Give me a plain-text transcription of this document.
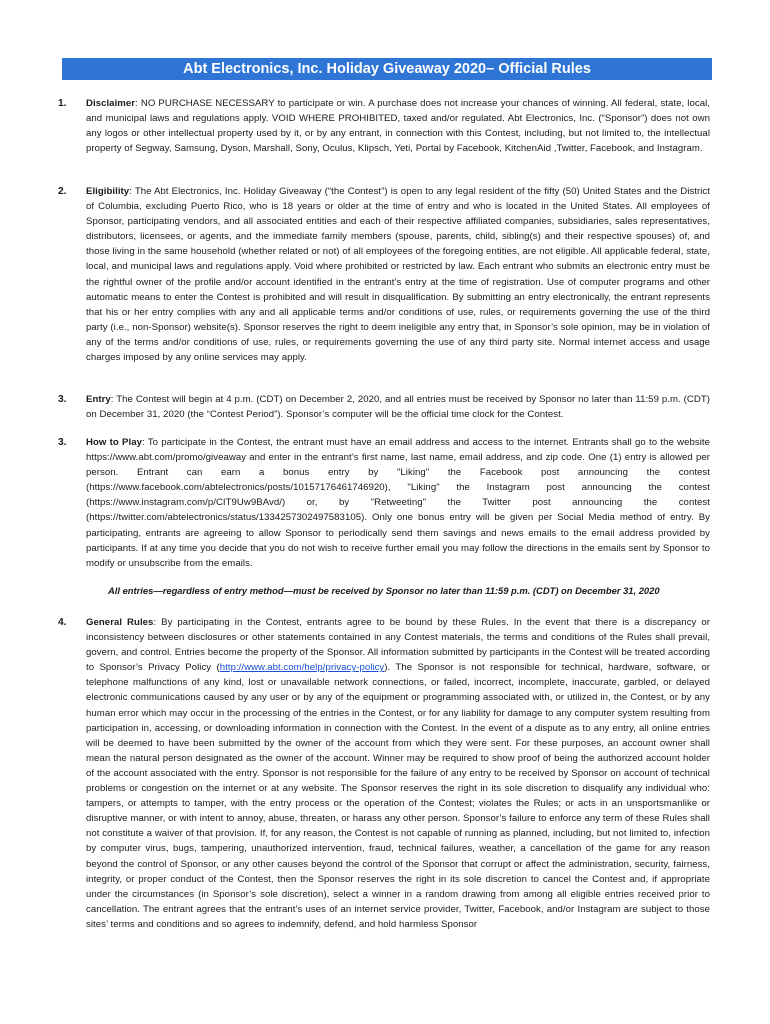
Abt Electronics, Inc. Holiday Giveaway 2020– Official Rules
1. Disclaimer: NO PURCHASE NECESSARY to participate or win. A purchase does not increase your chances of winning. All federal, state, local, and municipal laws and regulations apply. VOID WHERE PROHIBITED, taxed and/or regulated. Abt Electronics, Inc. (“Sponsor”) does not own any logos or other intellectual property used by it, or by any entrant, in connection with this Contest, including, but not limited to, the intellectual property of Segway, Samsung, Dyson, Marshall, Sony, Oculus, Klipsch, Yeti, Portal by Facebook, KitchenAid ,Twitter, Facebook, and Instagram.

2. Eligibility: The Abt Electronics, Inc. Holiday Giveaway (“the Contest”) is open to any legal resident of the fifty (50) United States and the District of Columbia, excluding Puerto Rico, who is 18 years or older at the time of entry and who is located in the United States. All employees of Sponsor, participating vendors, and all associated entities and each of their respective affiliated companies, subsidiaries, sales representatives, distributors, licensees, or agents, and the immediate family members (spouse, parents, child, sibling(s) and their respective spouses) of, and those living in the same household (whether related or not) of all employees of the foregoing entities, are not eligible. All applicable federal, state, local, and municipal laws and regulations apply. Void where prohibited or restricted by law. Each entrant who submits an electronic entry must be the rightful owner of the profile and/or account identified in the entrant’s entry at the time of registration. Use of computer programs and other automatic means to enter the Contest is prohibited and will result in disqualification. By submitting an entry electronically, the entrant represents that his or her entry complies with any and all applicable terms and/or conditions of use, rules, or requirements governing the use of the third party (i.e., non-Sponsor) website(s). Sponsor reserves the right to deem ineligible any entry that, in Sponsor’s sole opinion, may be in violation of any of the terms and/or conditions of use, rules, or requirements governing the use of any third party site. Normal internet access and usage charges imposed by any online services may apply.

3. Entry: The Contest will begin at 4 p.m. (CDT) on December 2, 2020, and all entries must be received by Sponsor no later than 11:59 p.m. (CDT) on December 31, 2020 (the “Contest Period”). Sponsor’s computer will be the official time clock for the Contest.

3. How to Play: To participate in the Contest, the entrant must have an email address and access to the internet. Entrants shall go to the website https://www.abt.com/promo/giveaway and enter in the entrant’s first name, last name, email address, and zip code. One (1) entry is allowed per person. Entrant can earn a bonus entry by "Liking" the Facebook post announcing the contest (https://www.facebook.com/abtelectronics/posts/10157176461746920), "Liking" the Instagram post announcing the contest (https://www.instagram.com/p/CIT9Uw9BAvd/) or, by "Retweeting" the Twitter post announcing the contest (https://twitter.com/abtelectronics/status/1334257302497583105). Only one bonus entry will be given per Social Media method of entry. By participating, entrants are agreeing to allow Sponsor to periodically send them savings and news emails to the email address provided by participants. If at any time you decide that you do not wish to receive further email you may follow the directions in the emails sent by Sponsor to modify or unsubscribe from the emails.

All entries—regardless of entry method—must be received by Sponsor no later than 11:59 p.m. (CDT) on December 31, 2020
4. General Rules: By participating in the Contest, entrants agree to be bound by these Rules. In the event that there is a discrepancy or inconsistency between disclosures or other statements contained in any Contest materials, the terms and conditions of the Rules shall prevail, govern, and control. Entries become the property of the Sponsor. All information submitted by participants in the Contest will be treated according to Sponsor’s Privacy Policy (http://www.abt.com/help/privacy-policy). The Sponsor is not responsible for technical, hardware, software, or telephone malfunctions of any kind, lost or unavailable network connections, or failed, incorrect, incomplete, inaccurate, garbled, or delayed electronic communications caused by any user or by any of the equipment or programming associated with, or utilized in, the Contest, or by any human error which may occur in the processing of the entries in the Contest, or for any liability for damage to any computer system resulting from participation in, accessing, or downloading information in connection with the Contest. In the event of a dispute as to any entry, all online entries will be deemed to have been submitted by the owner of the account from which they were sent. For these purposes, an account owner shall mean the natural person designated as the owner of the account. Winner may be required to show proof of being the authorized account holder of the account associated with the entry. Sponsor is not responsible for the failure of any entry to be received by Sponsor on account of technical problems or congestion on the internet or at any website. The Sponsor reserves the right in its sole discretion to disqualify any individual who: tampers, or attempts to tamper, with the entry process or the operation of the Contest; violates the Rules; or acts in an unsportsmanlike or disruptive manner, or with intent to annoy, abuse, threaten, or harass any other person. Sponsor’s failure to enforce any term of these Rules shall not constitute a waiver of that provision. If, for any reason, the Contest is not capable of running as planned, including, but not limited to, infection by computer virus, bugs, tampering, unauthorized intervention, fraud, technical failures, weather, a cancellation of the game for any reason beyond the control of Sponsor, or any other causes beyond the control of the Sponsor that corrupt or affect the administration, security, fairness, integrity, or proper conduct of the Contest, then the Sponsor reserves the right in its sole discretion to cancel the Contest and, if appropriate under the circumstances (in Sponsor’s sole discretion), select a winner in a random drawing from among all eligible entries received prior to cancellation. The entrant agrees that the entrant’s uses of an internet service provider, Twitter, Facebook, and/or Instagram are subject to those sites’ terms and conditions and so agrees to indemnify, defend, and hold harmless Sponsor
